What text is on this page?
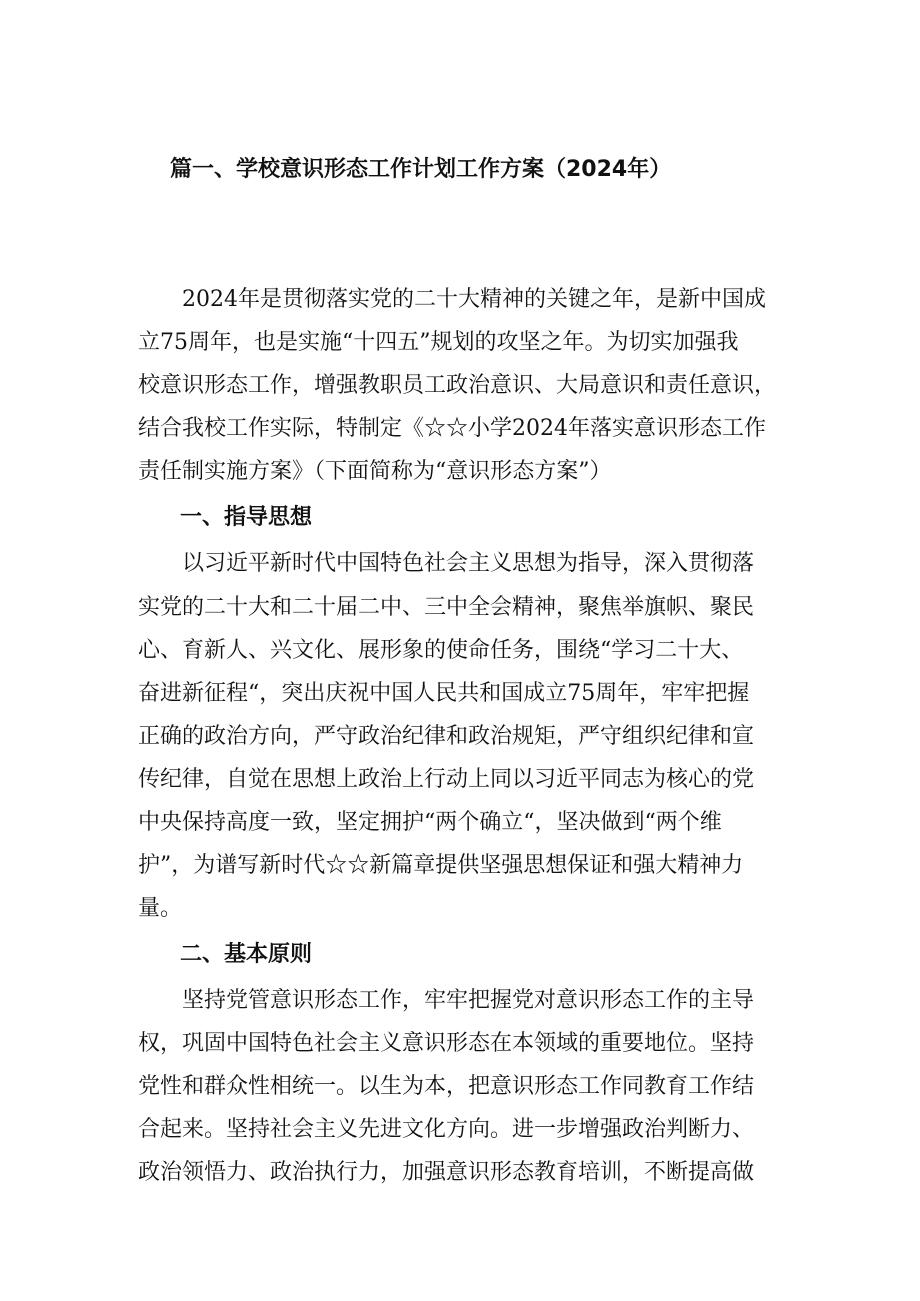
篇一、学校意识形态工作计划工作方案（2024年）
2024年是贯彻落实党的二十大精神的关键之年，是新中国成
立75周年，也是实施“十四五”规划的攻坚之年。为切实加强我
校意识形态工作，增强教职员工政治意识、大局意识和责任意识，
结合我校工作实际，特制定《☆☆小学2024年落实意识形态工作
责任制实施方案》（下面简称为“意识形态方案”）
一、指导思想
以习近平新时代中国特色社会主义思想为指导，深入贯彻落
实党的二十大和二十届二中、三中全会精神，聚焦举旗帜、聚民
心、育新人、兴文化、展形象的使命任务，围绕“学习二十大、
奋进新征程“，突出庆祝中国人民共和国成立75周年，牢牢把握
正确的政治方向，严守政治纪律和政治规矩，严守组织纪律和宣
传纪律，自觉在思想上政治上行动上同以习近平同志为核心的党
中央保持高度一致，坚定拥护“两个确立“，坚决做到“两个维
护”，为谱写新时代☆☆新篇章提供坚强思想保证和强大精神力
量。
二、基本原则
坚持党管意识形态工作，牢牢把握党对意识形态工作的主导
权，巩固中国特色社会主义意识形态在本领域的重要地位。坚持
党性和群众性相统一。以生为本，把意识形态工作同教育工作结
合起来。坚持社会主义先进文化方向。进一步增强政治判断力、
政治领悟力、政治执行力，加强意识形态教育培训，不断提高做
